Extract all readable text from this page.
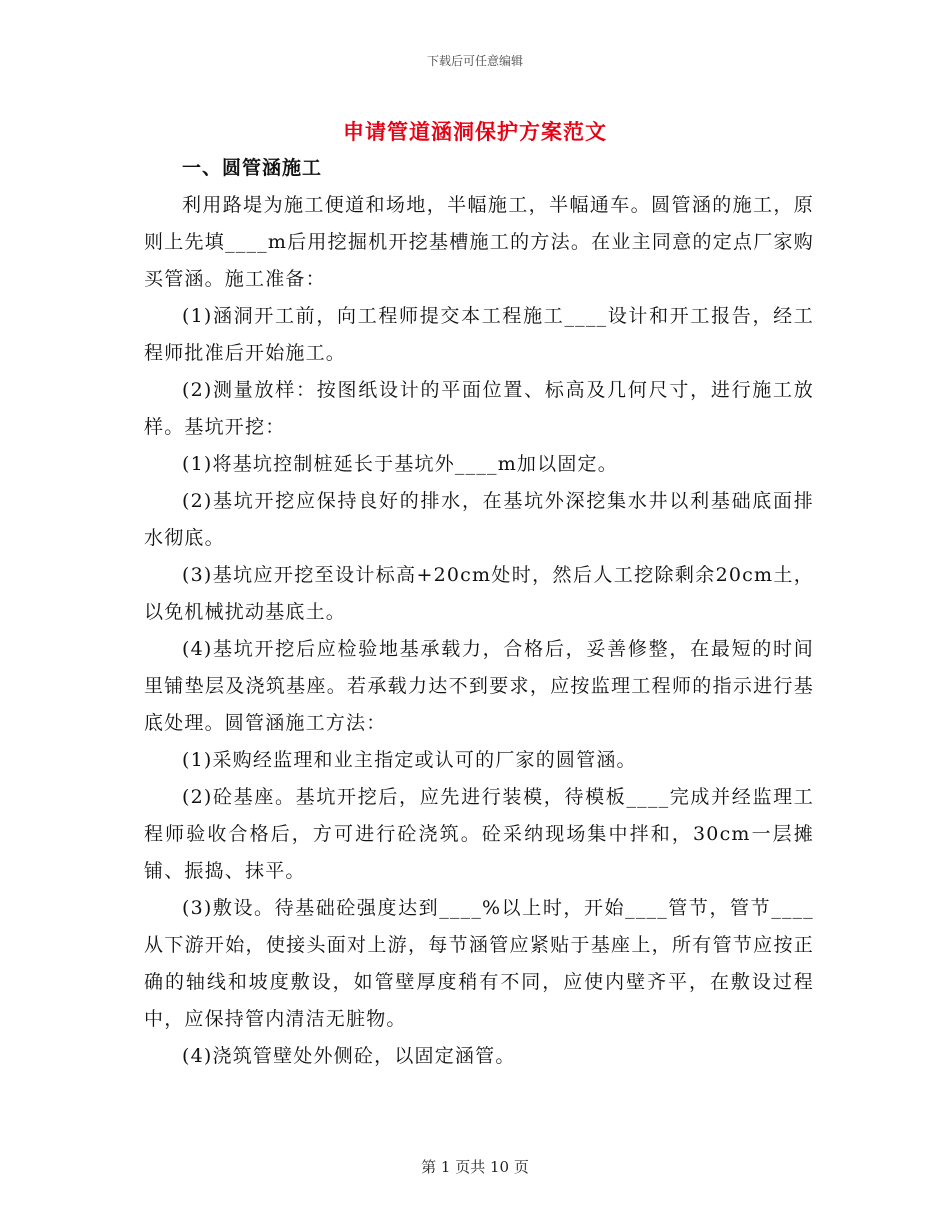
下载后可任意编辑
申请管道涵洞保护方案范文

一、圆管涵施工

利用路堤为施工便道和场地，半幅施工，半幅通车。圆管涵的施工，原则上先填____m后用挖掘机开挖基槽施工的方法。在业主同意的定点厂家购买管涵。施工准备：

(1)涵洞开工前，向工程师提交本工程施工____设计和开工报告，经工程师批准后开始施工。

(2)测量放样：按图纸设计的平面位置、标高及几何尺寸，进行施工放样。基坑开挖：

(1)将基坑控制桩延长于基坑外____m加以固定。

(2)基坑开挖应保持良好的排水，在基坑外深挖集水井以利基础底面排水彻底。

(3)基坑应开挖至设计标高+20cm处时，然后人工挖除剩余20cm土，以免机械扰动基底土。

(4)基坑开挖后应检验地基承载力，合格后，妥善修整，在最短的时间里铺垫层及浇筑基座。若承载力达不到要求，应按监理工程师的指示进行基底处理。圆管涵施工方法：

(1)采购经监理和业主指定或认可的厂家的圆管涵。

(2)砼基座。基坑开挖后，应先进行装模，待模板____完成并经监理工程师验收合格后，方可进行砼浇筑。砼采纳现场集中拌和，30cm一层摊铺、振捣、抹平。

(3)敷设。待基础砼强度达到____%以上时，开始____管节，管节____从下游开始，使接头面对上游，每节涵管应紧贴于基座上，所有管节应按正确的轴线和坡度敷设，如管壁厚度稍有不同，应使内壁齐平，在敷设过程中，应保持管内清洁无脏物。

(4)浇筑管壁处外侧砼，以固定涵管。

第 1 页共 10 页
